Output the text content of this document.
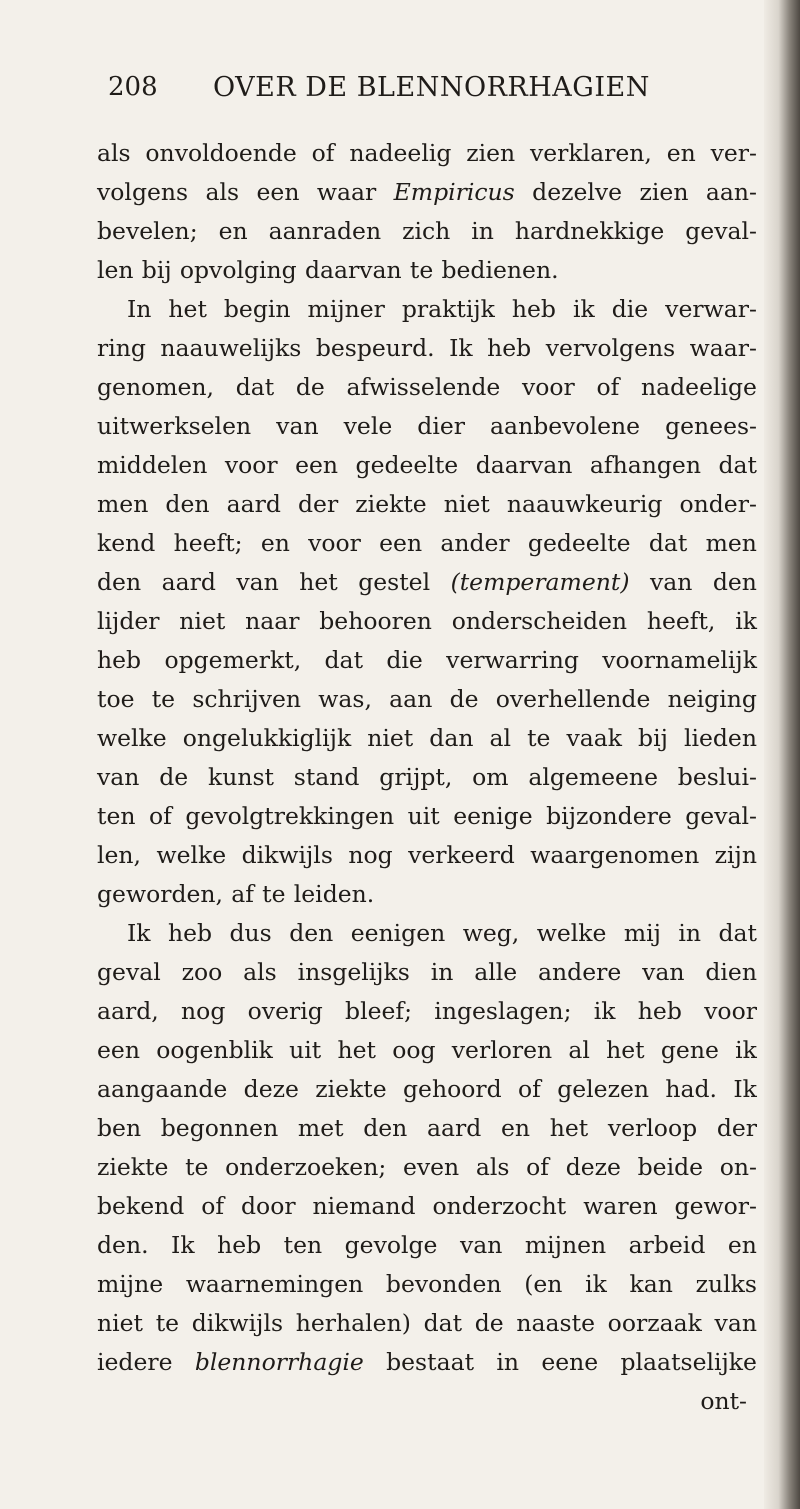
208 OVER DE BLENNORRHAGIEN
als onvoldoende of nadeelig zien verklaren, en ver-
volgens als een waar Empiricus dezelve zien aan-
bevelen; en aanraden zich in hardnekkige geval-
len bij opvolging daarvan te bedienen.
In het begin mijner praktijk heb ik die verwar-
ring naauwelijks bespeurd. Ik heb vervolgens waar-
genomen, dat de afwisselende voor of nadeelige
uitwerkselen van vele dier aanbevolene genees-
middelen voor een gedeelte daarvan afhangen dat
men den aard der ziekte niet naauwkeurig onder-
kend heeft; en voor een ander gedeelte dat men
den aard van het gestel (temperament) van den
lijder niet naar behooren onderscheiden heeft, ik
heb opgemerkt, dat die verwarring voornamelijk
toe te schrijven was, aan de overhellende neiging
welke ongelukkiglijk niet dan al te vaak bij lieden
van de kunst stand grijpt, om algemeene beslui-
ten of gevolgtrekkingen uit eenige bijzondere geval-
len, welke dikwijls nog verkeerd waargenomen zijn
geworden, af te leiden.
Ik heb dus den eenigen weg, welke mij in dat
geval zoo als insgelijks in alle andere van dien
aard, nog overig bleef; ingeslagen; ik heb voor
een oogenblik uit het oog verloren al het gene ik
aangaande deze ziekte gehoord of gelezen had. Ik
ben begonnen met den aard en het verloop der
ziekte te onderzoeken; even als of deze beide on-
bekend of door niemand onderzocht waren gewor-
den. Ik heb ten gevolge van mijnen arbeid en
mijne waarnemingen bevonden (en ik kan zulks
niet te dikwijls herhalen) dat de naaste oorzaak van
iedere blennorrhagie bestaat in eene plaatselijke
ont-
